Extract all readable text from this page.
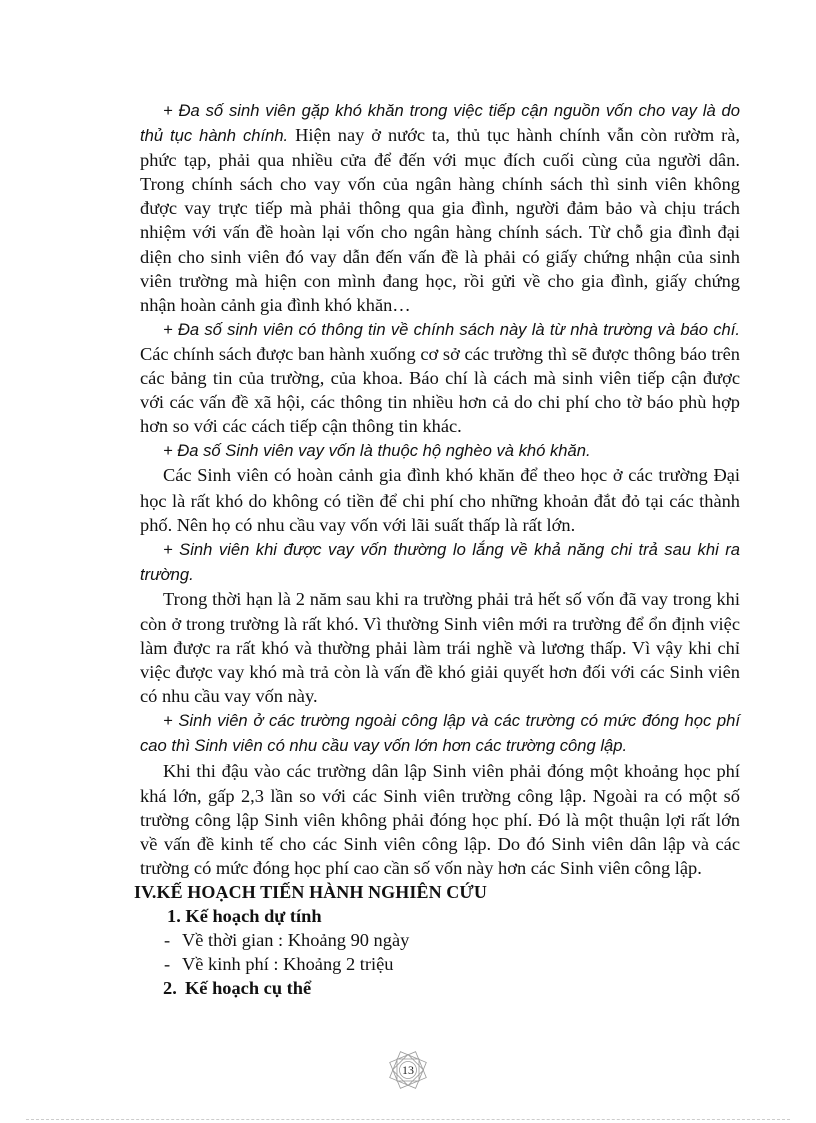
+ Đa số sinh viên gặp khó khăn trong việc tiếp cận nguồn vốn cho vay là do thủ tục hành chính. Hiện nay ở nước ta, thủ tục hành chính vẫn còn rườm rà, phức tạp, phải qua nhiều cửa để đến với mục đích cuối cùng của người dân. Trong chính sách cho vay vốn của ngân hàng chính sách thì sinh viên không được vay trực tiếp mà phải thông qua gia đình, người đảm bảo và chịu trách nhiệm với vấn đề hoàn lại vốn cho ngân hàng chính sách. Từ chỗ gia đình đại diện cho sinh viên đó vay dẫn đến vấn đề là phải có giấy chứng nhận của sinh viên trường mà hiện con mình đang học, rồi gửi về cho gia đình, giấy chứng nhận hoàn cảnh gia đình khó khăn…

+ Đa số sinh viên có thông tin về chính sách này là từ nhà trường và báo chí. Các chính sách được ban hành xuống cơ sở các trường thì sẽ được thông báo trên các bảng tin của trường, của khoa. Báo chí là cách mà sinh viên tiếp cận được với các vấn đề xã hội, các thông tin nhiều hơn cả do chi phí cho tờ báo phù hợp hơn so với các cách tiếp cận thông tin khác.

+ Đa số Sinh viên vay vốn là thuộc hộ nghèo và khó khăn.

Các Sinh viên có hoàn cảnh gia đình khó khăn để theo học ở các trường Đại học là rất khó do không có tiền để chi phí cho những khoản đắt đỏ tại các thành phố. Nên họ có nhu cầu vay vốn với lãi suất thấp là rất lớn.

+ Sinh viên khi được vay vốn thường lo lắng về khả năng chi trả sau khi ra trường.

Trong thời hạn là 2 năm sau khi ra trường phải trả hết số vốn đã vay trong khi còn ở trong trường là rất khó. Vì thường Sinh viên mới ra trường để ổn định việc làm được ra rất khó và thường phải làm trái nghề và lương thấp. Vì vậy khi chỉ việc được vay khó mà trả còn là vấn đề khó giải quyết hơn đối với các Sinh viên có nhu cầu vay vốn này.

+ Sinh viên ở các trường ngoài công lập và các trường có mức đóng học phí cao thì Sinh viên có nhu cầu vay vốn lớn hơn các trường công lập.

Khi thi đậu vào các trường dân lập Sinh viên phải đóng một khoảng học phí khá lớn, gấp 2,3 lần so với các Sinh viên trường công lập. Ngoài ra có một số trường công lập Sinh viên không phải đóng học phí. Đó là một thuận lợi rất lớn về vấn đề kinh tế cho các Sinh viên công lập. Do đó Sinh viên dân lập và các trường có mức đóng học phí cao cần số vốn này hơn các Sinh viên công lập.

IV.KẾ HOẠCH TIẾN HÀNH NGHIÊN CỨU

1. Kế hoạch dự tính

- Về thời gian : Khoảng 90 ngày

- Về kinh phí : Khoảng 2 triệu

2. Kế hoạch cụ thể

13
